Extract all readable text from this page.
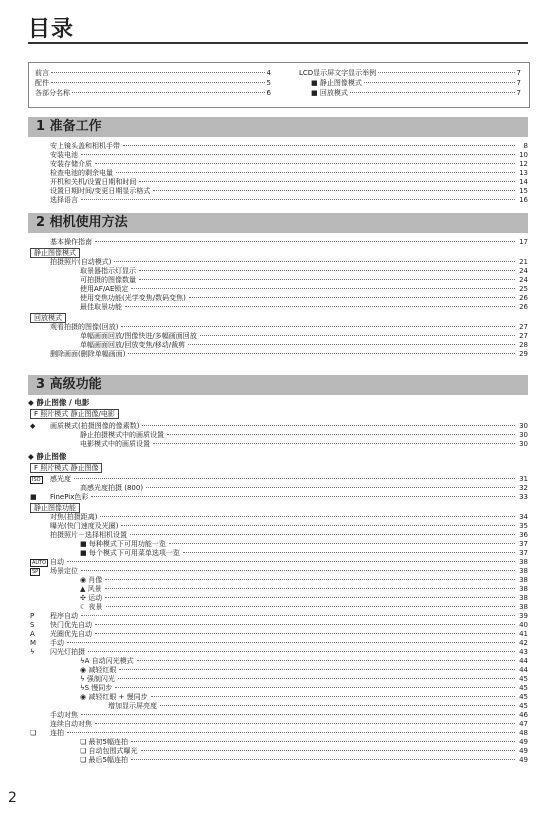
目录
前言	4
配件	5
各部分名称	6
LCD显示屏文字显示举例	7
■ 静止图像模式	7
■ 回放模式	7
1 准备工作
安上镜头盖和相机手带	8
安装电池	10
安装存储介质	12
检查电池的剩余电量	13
开机和关机/设置日期和时间	14
设置日期时间/变更日期显示格式	15
选择语言	16
2 相机使用方法
基本操作指南	17
静止图像模式
拍摄照片(自动模式)	21
取景器指示灯显示	24
可拍摄的图像数量	24
使用AF/AE锁定	25
使用变焦功能(光学变焦/数码变焦)	26
最佳取景功能	26
回放模式
观看拍摄的图像(回放)	27
单幅画面回放/图像快进/多幅画面回放	27
单幅画面回放/回放变焦/移动/裁剪	28
删除画面(删除单幅画面)	29
3 高级功能
◆ 静止图像 / 电影
F 照片模式 静止图像/电影
◆	画质模式(拍摄图像的像素数)	30
静止拍摄模式中的画质设置	30
电影模式中的画质设置	30
◆ 静止图像
F 照片模式 静止图像
ISO	感光度	31
高感光度拍摄 (800)	32
■	FinePix色彩	33
静止图像功能
对焦(拍摄距离)	34
曝光(快门速度及光圈)	35
拍摄照片－选择相机设置	36
■ 每种模式下可用功能一览	37
■ 每个模式下可用菜单选项一览	37
AUTO 自动	38
SP	场景定位	38
◉ 肖像	38
▲ 风景	38
✣ 运动	38
☾ 夜景	38
P	程序自动	39
S	快门优先自动	40
A	光圈优先自动	41
M	手动	42
ϟ	闪光灯拍摄	43
ϟA 自动闪光模式	44
◉ 减轻红眼	44
ϟ 强制闪光	45
ϟS 慢同步	45
◉ 减轻红眼 + 慢同步	45
增加显示屏亮度	45
手动对焦	46
连续自动对焦	47
❏	连拍	48
❏ 最初5幅连拍	49
❏ 自动包围式曝光	49
❏ 最后5幅连拍	49
2
